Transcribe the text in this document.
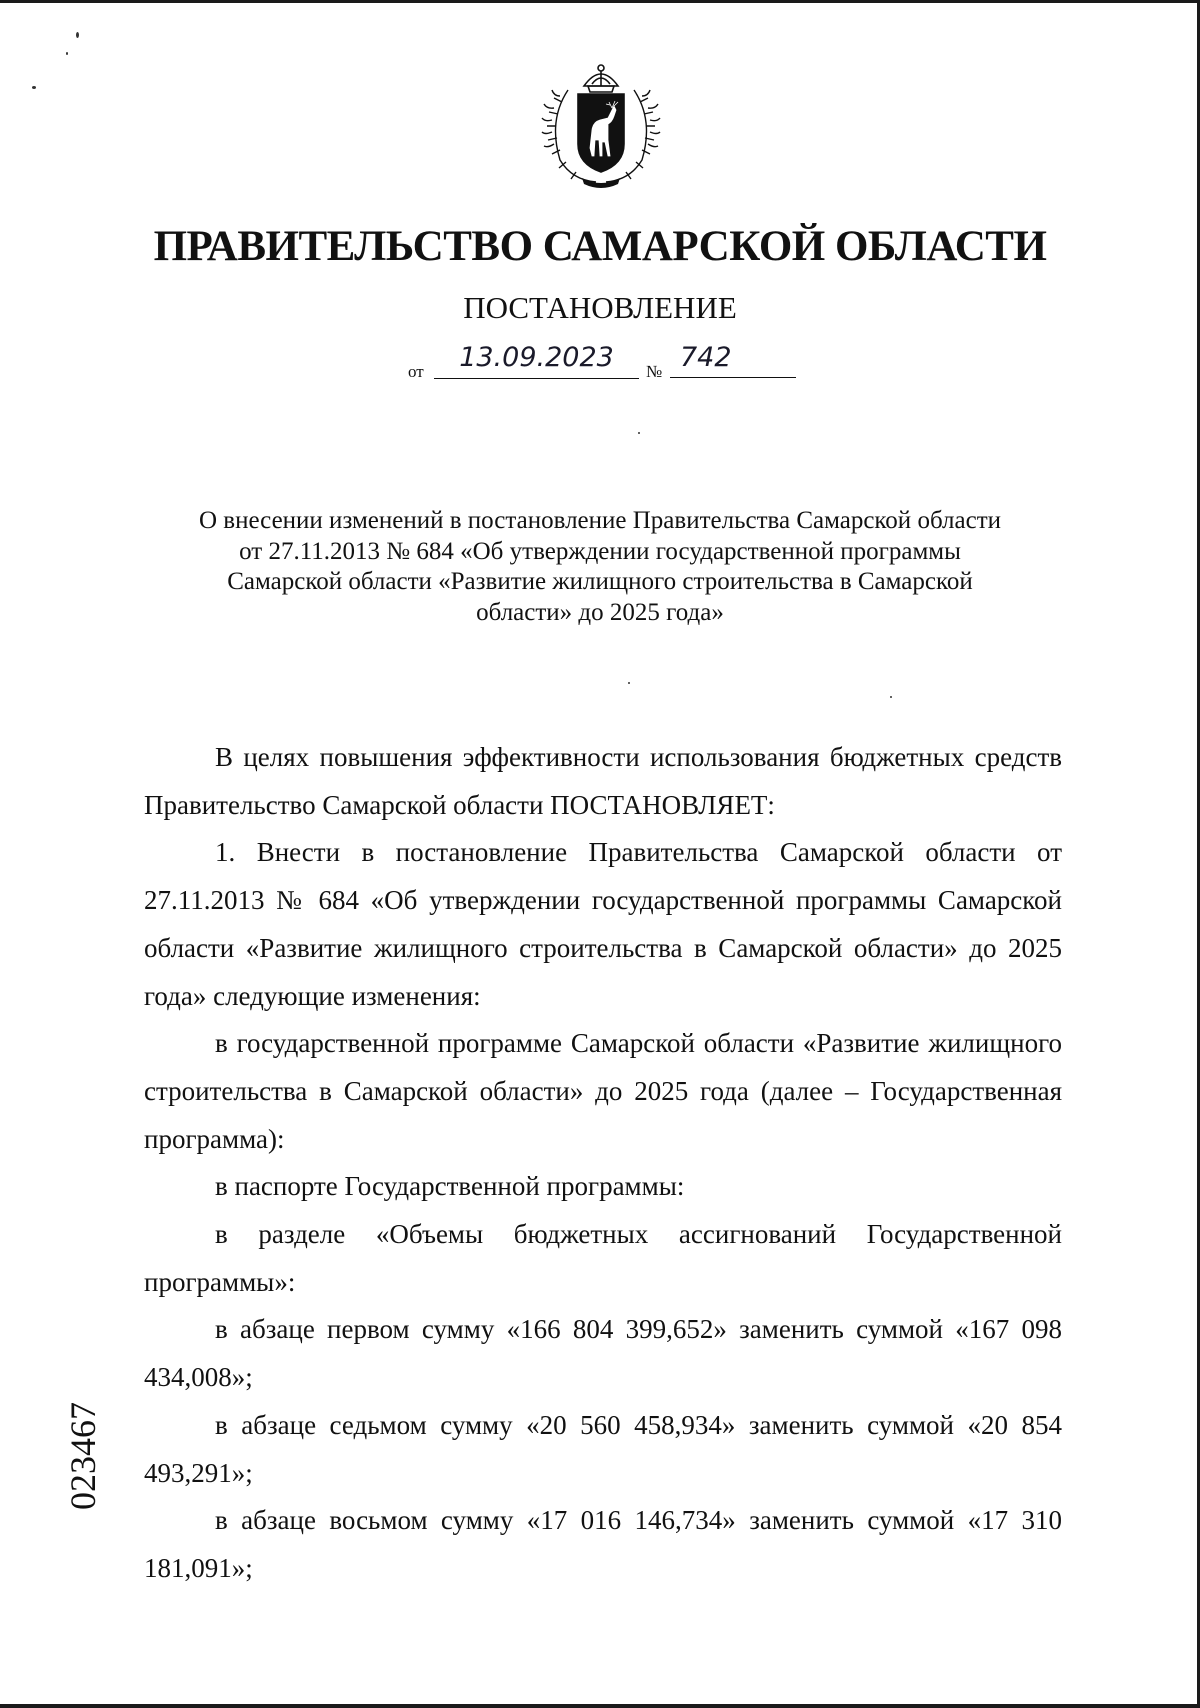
ПРАВИТЕЛЬСТВО САМАРСКОЙ ОБЛАСТИ
ПОСТАНОВЛЕНИЕ
от	13.09.2023	№ 742
О внесении изменений в постановление Правительства Самарской области
от 27.11.2013 № 684 «Об утверждении государственной программы
Самарской области «Развитие жилищного строительства в Самарской
области» до 2025 года»

В целях повышения эффективности использования бюджетных средств Правительство Самарской области ПОСТАНОВЛЯЕТ:

1. Внести в постановление Правительства Самарской области от 27.11.2013 № 684 «Об утверждении государственной программы Самарской области «Развитие жилищного строительства в Самарской области» до 2025 года» следующие изменения:

в государственной программе Самарской области «Развитие жилищного строительства в Самарской области» до 2025 года (далее – Государственная программа):

в паспорте Государственной программы:

в разделе «Объемы бюджетных ассигнований Государственной программы»:

в абзаце первом сумму «166 804 399,652» заменить суммой «167 098 434,008»;

в абзаце седьмом сумму «20 560 458,934» заменить суммой «20 854 493,291»;

в абзаце восьмом сумму «17 016 146,734» заменить суммой «17 310 181,091»;

023467
